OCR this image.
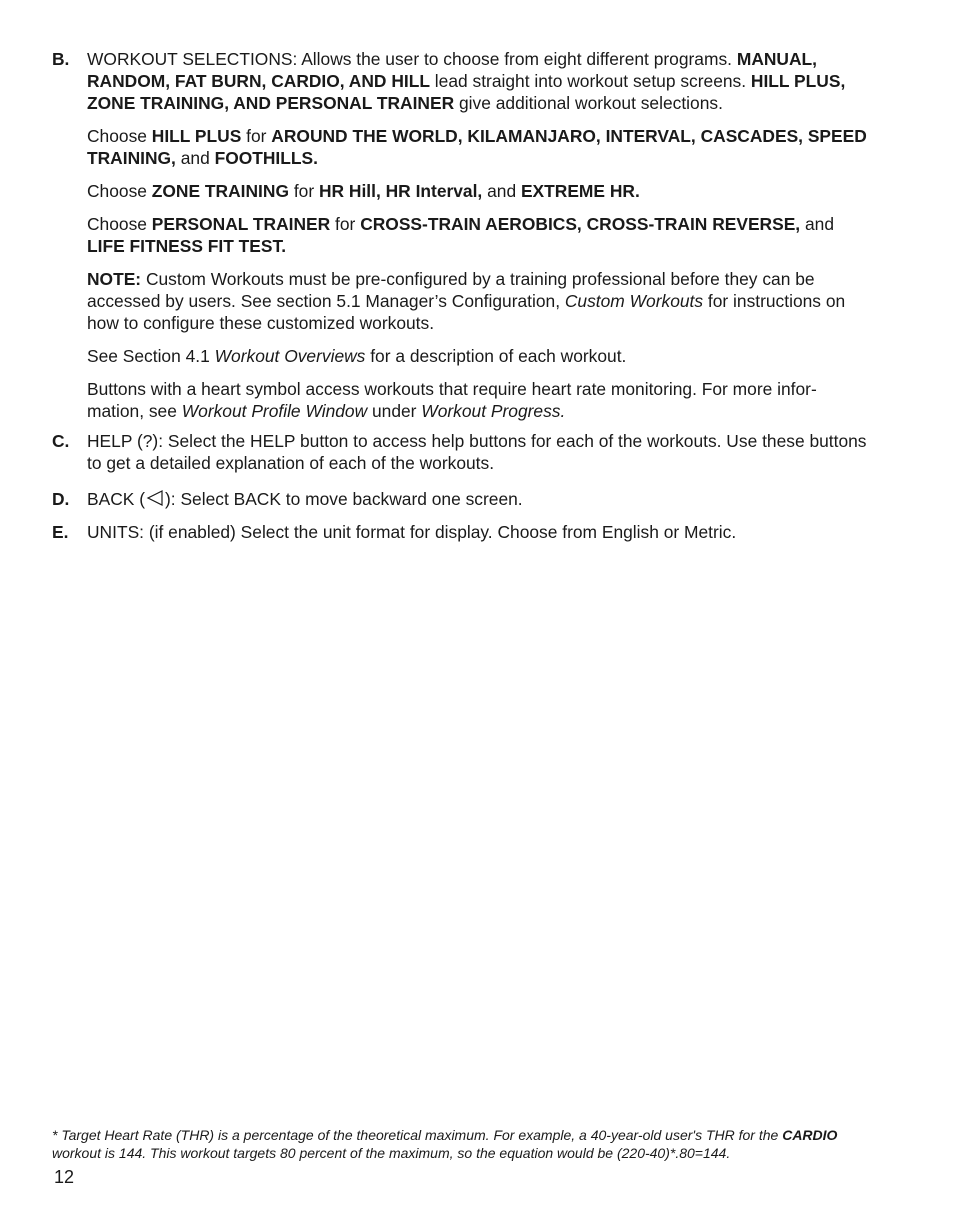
B. WORKOUT SELECTIONS: Allows the user to choose from eight different programs. MANUAL, RANDOM, FAT BURN, CARDIO, AND HILL lead straight into workout setup screens. HILL PLUS, ZONE TRAINING, AND PERSONAL TRAINER give additional workout selections.

Choose HILL PLUS for AROUND THE WORLD, KILAMANJARO, INTERVAL, CASCADES, SPEED TRAINING, and FOOTHILLS.

Choose ZONE TRAINING for HR Hill, HR Interval, and EXTREME HR.

Choose PERSONAL TRAINER for CROSS-TRAIN AEROBICS, CROSS-TRAIN REVERSE, and LIFE FITNESS FIT TEST.

NOTE: Custom Workouts must be pre-configured by a training professional before they can be accessed by users. See section 5.1 Manager’s Configuration, Custom Workouts for instructions on how to configure these customized workouts.

See Section 4.1 Workout Overviews for a description of each workout.

Buttons with a heart symbol access workouts that require heart rate monitoring. For more infor-mation, see Workout Profile Window under Workout Progress.

C. HELP (?): Select the HELP button to access help buttons for each of the workouts. Use these buttons to get a detailed explanation of each of the workouts.
D. BACK ( ): Select BACK to move backward one screen.
E. UNITS: (if enabled) Select the unit format for display. Choose from English or Metric.
* Target Heart Rate (THR) is a percentage of the theoretical maximum. For example, a 40-year-old user's THR for the CARDIO workout is 144. This workout targets 80 percent of the maximum, so the equation would be (220-40)*.80=144.
12
